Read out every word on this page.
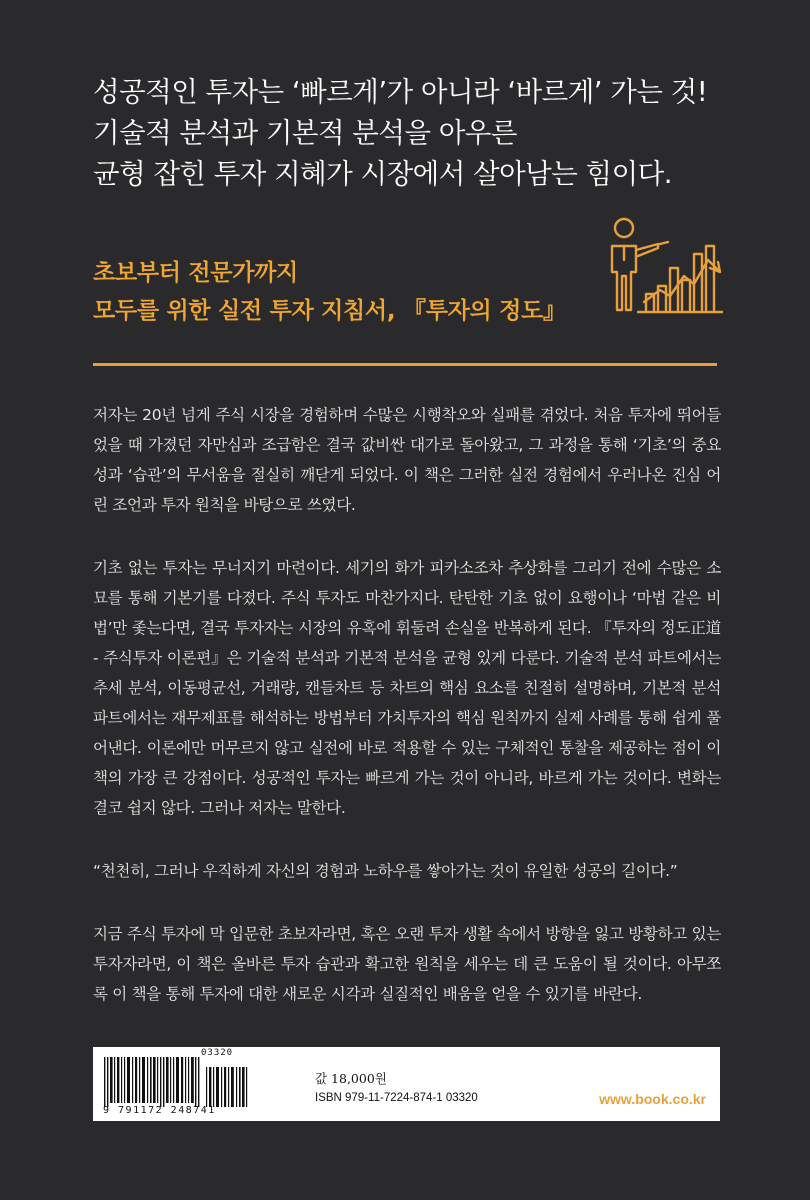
성공적인 투자는 ‘빠르게’가 아니라 ‘바르게’ 가는 것!
기술적 분석과 기본적 분석을 아우른
균형 잡힌 투자 지혜가 시장에서 살아남는 힘이다.
초보부터 전문가까지
모두를 위한 실전 투자 지침서, 『투자의 정도』

저자는 20년 넘게 주식 시장을 경험하며 수많은 시행착오와 실패를 겪었다. 처음 투자에 뛰어들었을 때 가졌던 자만심과 조급함은 결국 값비싼 대가로 돌아왔고, 그 과정을 통해 ‘기초’의 중요성과 ‘습관’의 무서움을 절실히 깨닫게 되었다. 이 책은 그러한 실전 경험에서 우러나온 진심 어린 조언과 투자 원칙을 바탕으로 쓰였다.

기초 없는 투자는 무너지기 마련이다. 세기의 화가 피카소조차 추상화를 그리기 전에 수많은 소묘를 통해 기본기를 다졌다. 주식 투자도 마찬가지다. 탄탄한 기초 없이 요행이나 ‘마법 같은 비법’만 좇는다면, 결국 투자자는 시장의 유혹에 휘둘려 손실을 반복하게 된다. 『투자의 정도正道 - 주식투자 이론편』은 기술적 분석과 기본적 분석을 균형 있게 다룬다. 기술적 분석 파트에서는 추세 분석, 이동평균선, 거래량, 캔들차트 등 차트의 핵심 요소를 친절히 설명하며, 기본적 분석 파트에서는 재무제표를 해석하는 방법부터 가치투자의 핵심 원칙까지 실제 사례를 통해 쉽게 풀어낸다. 이론에만 머무르지 않고 실전에 바로 적용할 수 있는 구체적인 통찰을 제공하는 점이 이 책의 가장 큰 강점이다. 성공적인 투자는 빠르게 가는 것이 아니라, 바르게 가는 것이다. 변화는 결코 쉽지 않다. 그러나 저자는 말한다.

“천천히, 그러나 우직하게 자신의 경험과 노하우를 쌓아가는 것이 유일한 성공의 길이다.”

지금 주식 투자에 막 입문한 초보자라면, 혹은 오랜 투자 생활 속에서 방향을 잃고 방황하고 있는 투자자라면, 이 책은 올바른 투자 습관과 확고한 원칙을 세우는 데 큰 도움이 될 것이다. 아무쪼록 이 책을 통해 투자에 대한 새로운 시각과 실질적인 배움을 얻을 수 있기를 바란다.

9 791172 248741
03320
값 18,000원
ISBN 979-11-7224-874-1 03320	www.book.co.kr
